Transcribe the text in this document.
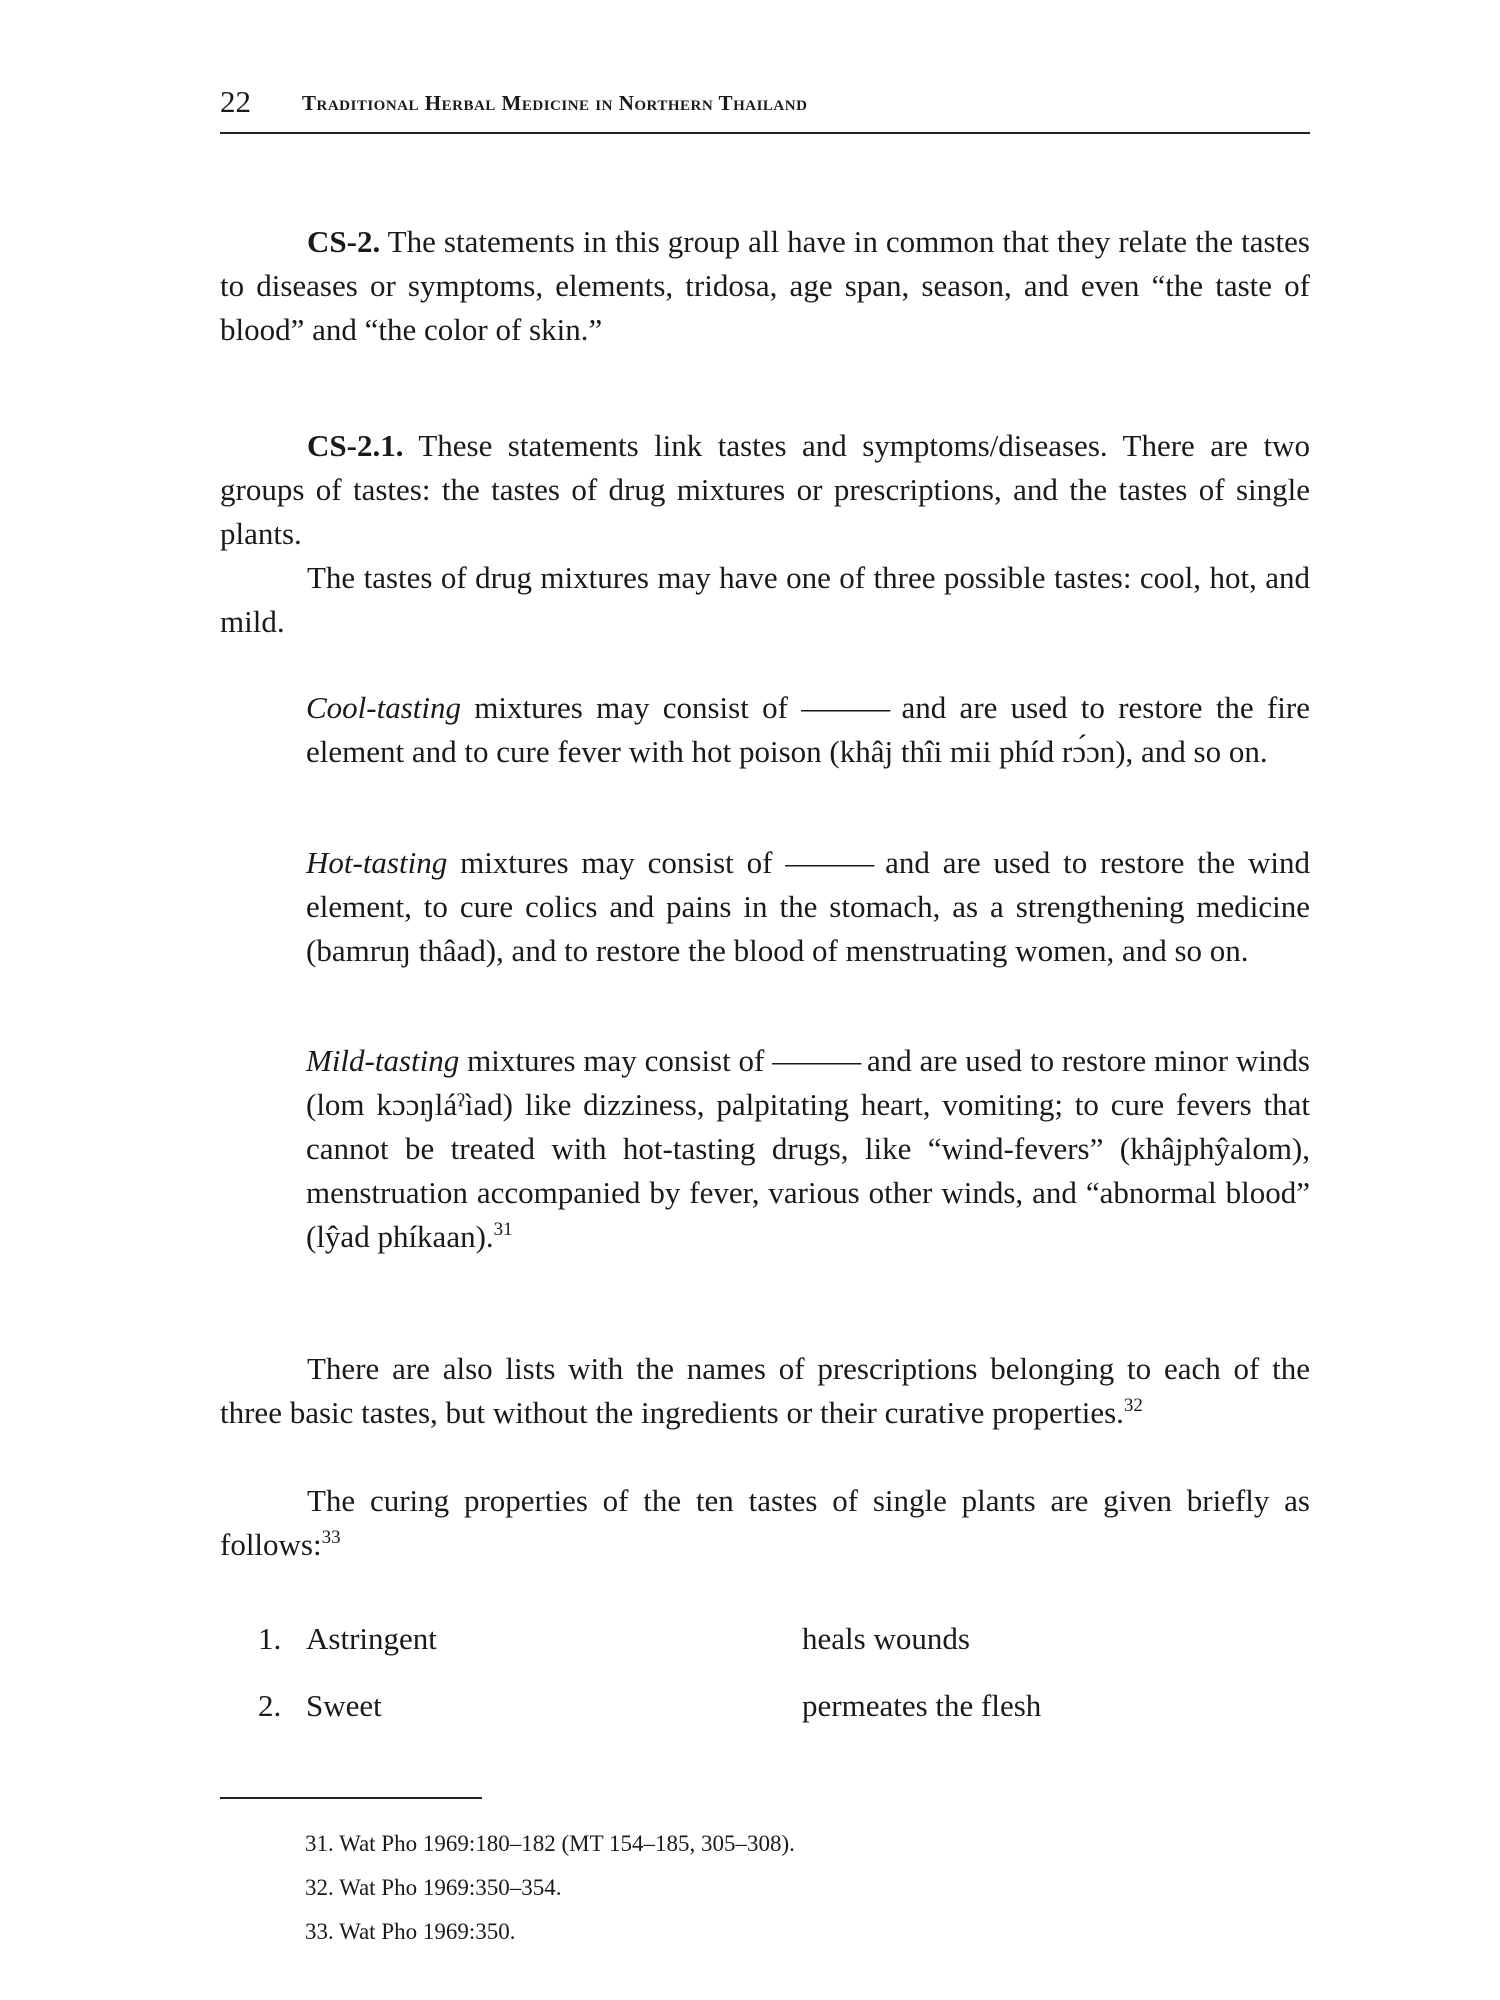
22 Traditional Herbal Medicine in Northern Thailand

CS-2. The statements in this group all have in common that they relate the tastes to diseases or symptoms, elements, tridosa, age span, season, and even “the taste of blood” and “the color of skin.”

CS-2.1. These statements link tastes and symptoms/diseases. There are two groups of tastes: the tastes of drug mixtures or prescriptions, and the tastes of single plants.

The tastes of drug mixtures may have one of three possible tastes: cool, hot, and mild.

Cool-tasting mixtures may consist of ——— and are used to restore the fire element and to cure fever with hot poison (khâj thîi mii phíd rɔ́ɔn), and so on.

Hot-tasting mixtures may consist of ——— and are used to restore the wind element, to cure colics and pains in the stomach, as a strengthening medicine (bamruŋ thâad), and to restore the blood of menstruating women, and so on.

Mild-tasting mixtures may consist of ——— and are used to restore minor winds (lom kɔɔŋláˀìad) like dizziness, palpitating heart, vomiting; to cure fevers that cannot be treated with hot-tasting drugs, like “wind-fevers” (khâjphŷalom), menstruation accompanied by fever, various other winds, and “abnormal blood” (lŷad phíkaan).$^{31}$

There are also lists with the names of prescriptions belonging to each of the three basic tastes, but without the ingredients or their curative properties.$^{32}$

The curing properties of the ten tastes of single plants are given briefly as follows:$^{33}$

1. Astringent	heals wounds
2. Sweet	permeates the flesh
31. Wat Pho 1969:180–182 (MT 154–185, 305–308).
32. Wat Pho 1969:350–354.
33. Wat Pho 1969:350.
